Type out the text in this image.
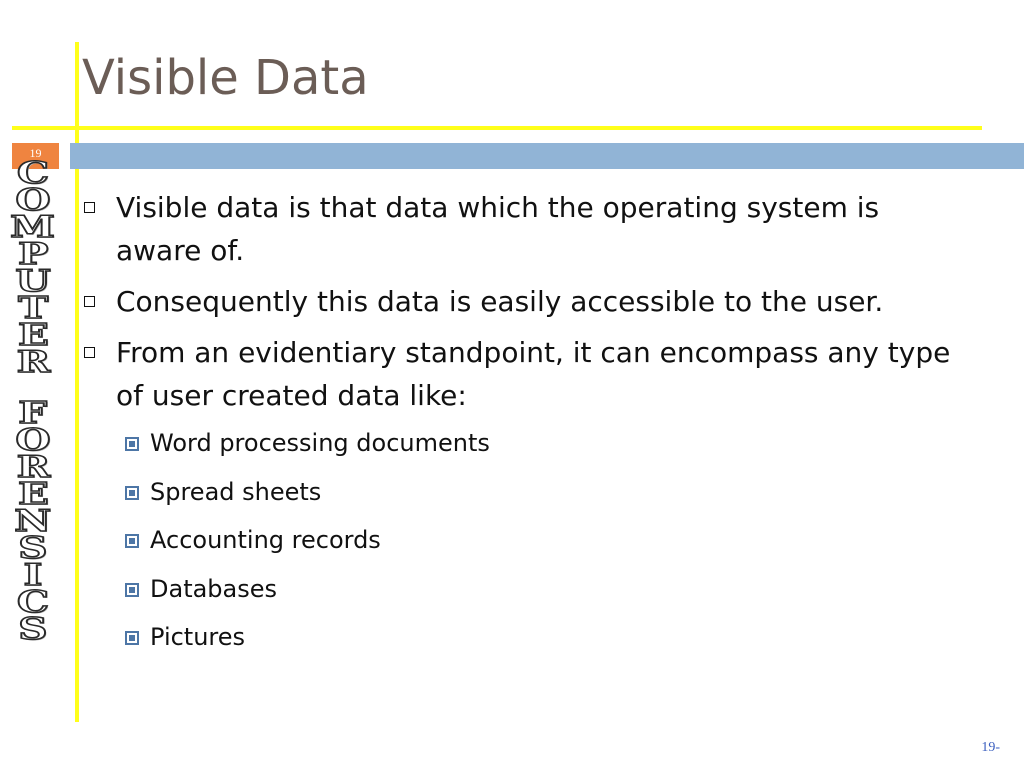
19
Visible Data
C
O
M
P
U
T
E
R
F
O
R
E
N
S
I
C
S
Visible data is that data which the operating system is aware of.
Consequently this data is easily accessible to the user.
From an evidentiary standpoint, it can encompass any type of user created data like:
Word processing documents
Spread sheets
Accounting records
Databases
Pictures
19-
